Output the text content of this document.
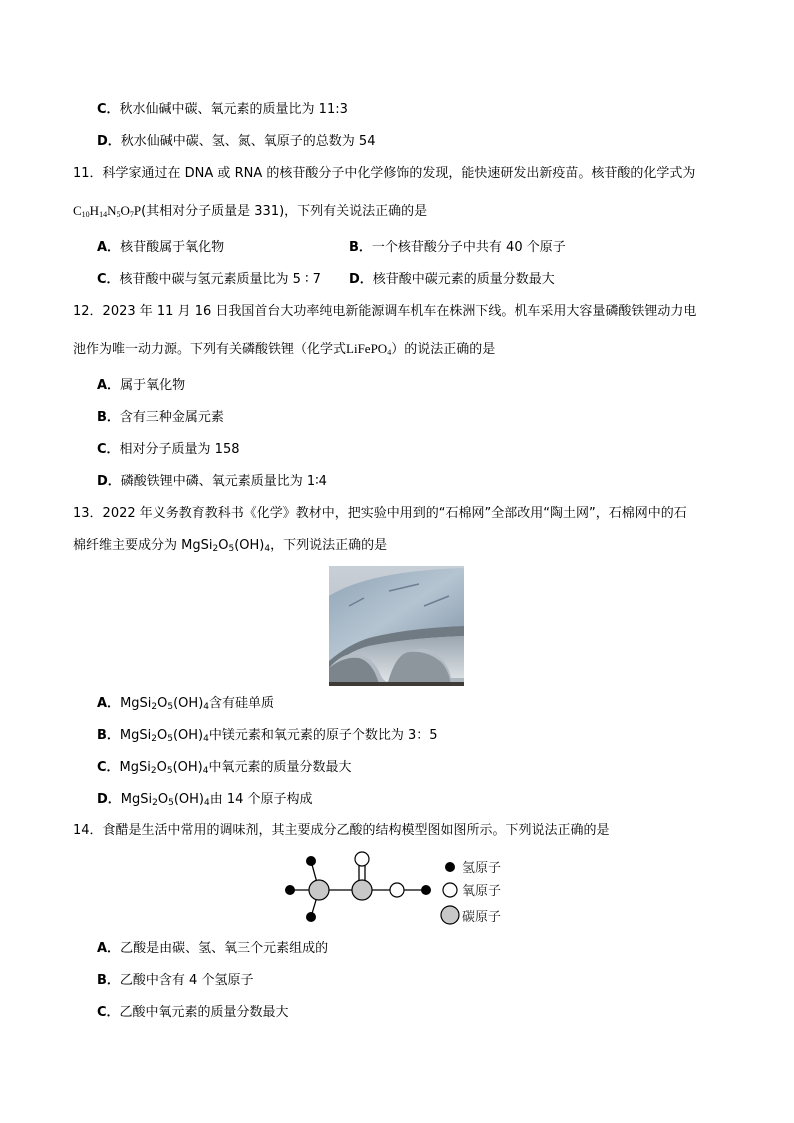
C．秋水仙碱中碳、氧元素的质量比为 11:3
D．秋水仙碱中碳、氢、氮、氧原子的总数为 54
11．科学家通过在 DNA 或 RNA 的核苷酸分子中化学修饰的发现，能快速研发出新疫苗。核苷酸的化学式为
$C_{10}H_{14}N_5O_7P$(其相对分子质量是 331)，下列有关说法正确的是
A．核苷酸属于氧化物	B．一个核苷酸分子中共有 40 个原子
C．核苷酸中碳与氢元素质量比为 5 ∶ 7 D．核苷酸中碳元素的质量分数最大
12．2023 年 11 月 16 日我国首台大功率纯电新能源调车机车在株洲下线。机车采用大容量磷酸铁锂动力电
池作为唯一动力源。下列有关磷酸铁锂（化学式LiFePO$_4$）的说法正确的是
A．属于氧化物
B．含有三种金属元素
C．相对分子质量为 158
D．磷酸铁锂中磷、氧元素质量比为 1∶4
13．2022 年义务教育教科书《化学》教材中，把实验中用到的“石棉网”全部改用“陶土网”，石棉网中的石
棉纤维主要成分为 $MgSi_2O_5(OH)_4$，下列说法正确的是
A．$MgSi_2O_5(OH)_4$含有硅单质
B．$MgSi_2O_5(OH)_4$中镁元素和氧元素的原子个数比为 3：5
C．$MgSi_2O_5(OH)_4$中氧元素的质量分数最大
D．$MgSi_2O_5(OH)_4$由 14 个原子构成
14．食醋是生活中常用的调味剂，其主要成分乙酸的结构模型图如图所示。下列说法正确的是
氢原子
氧原子
碳原子
A．乙酸是由碳、氢、氧三个元素组成的
B．乙酸中含有 4 个氢原子
C．乙酸中氧元素的质量分数最大
